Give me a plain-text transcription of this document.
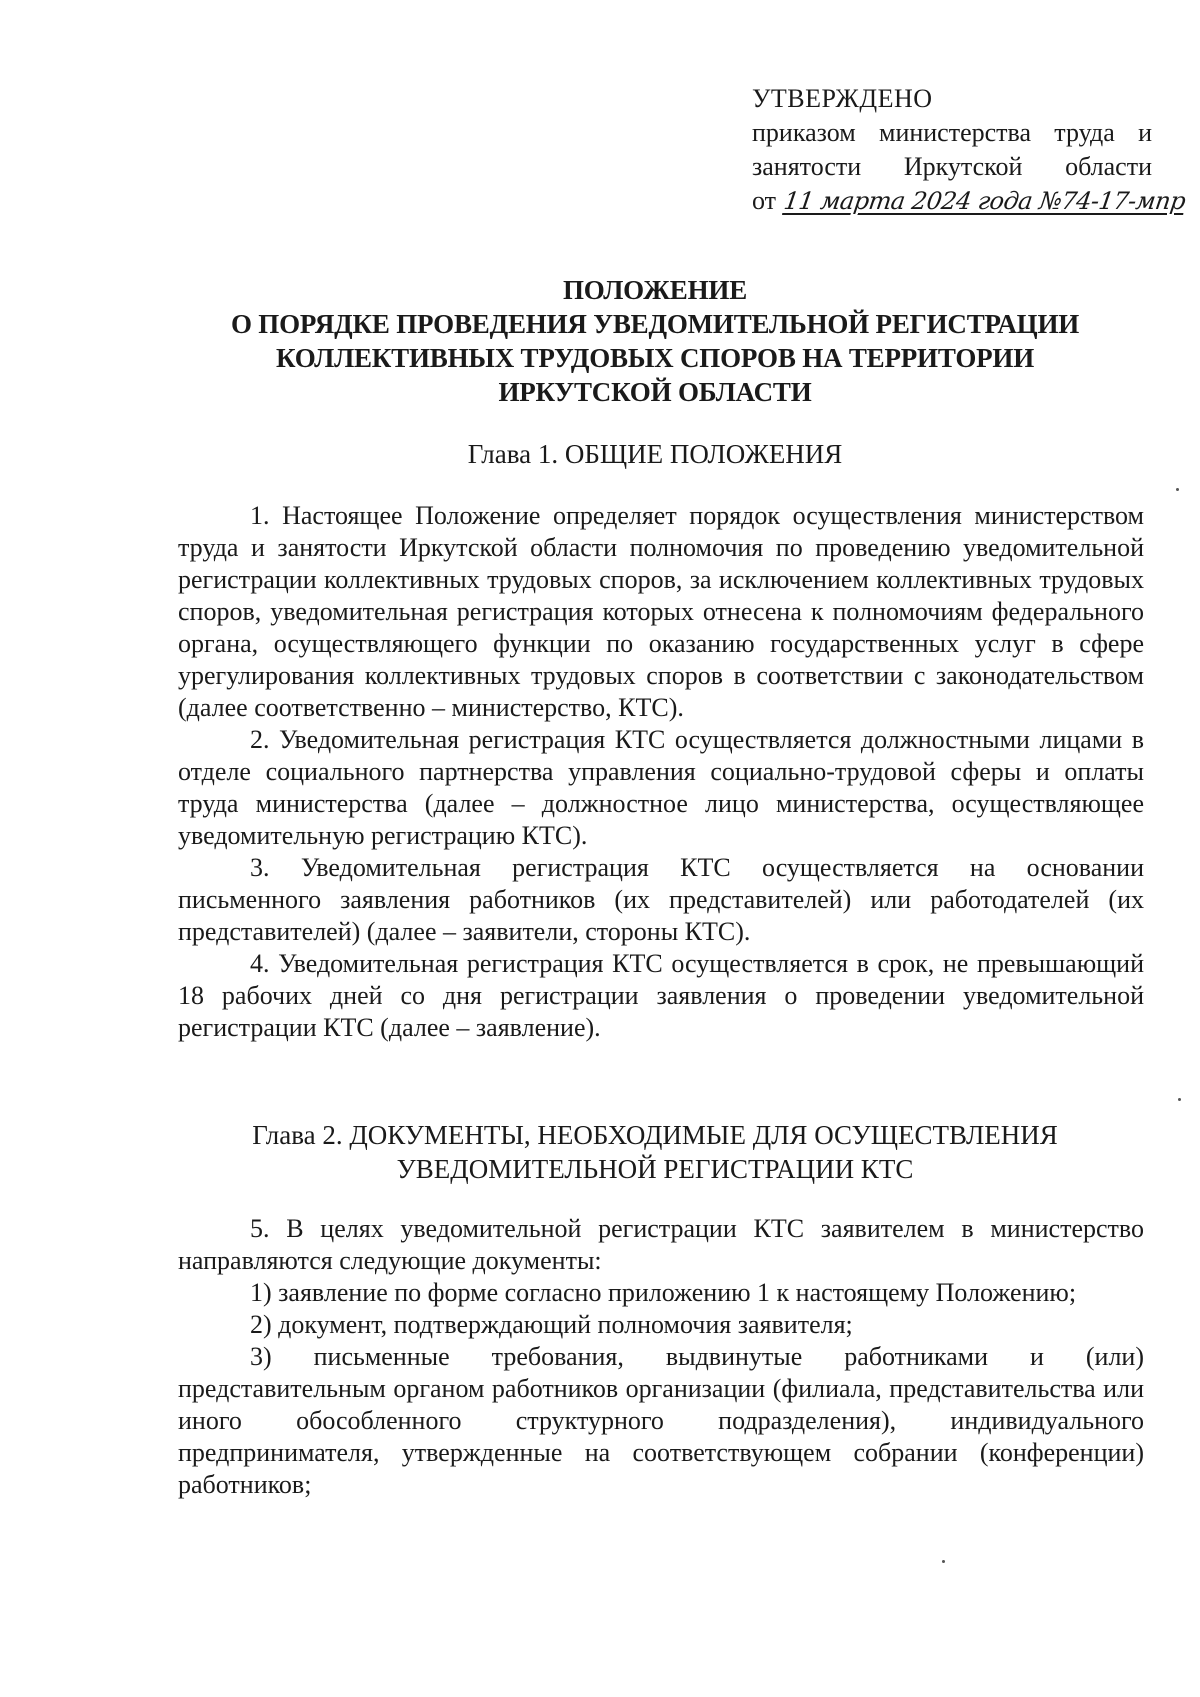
УТВЕРЖДЕНО
приказом министерства труда и
занятости Иркутской области
от 11 марта 2024 года №74-17-мпр
ПОЛОЖЕНИЕ
О ПОРЯДКЕ ПРОВЕДЕНИЯ УВЕДОМИТЕЛЬНОЙ РЕГИСТРАЦИИ
КОЛЛЕКТИВНЫХ ТРУДОВЫХ СПОРОВ НА ТЕРРИТОРИИ
ИРКУТСКОЙ ОБЛАСТИ
Глава 1. ОБЩИЕ ПОЛОЖЕНИЯ

1. Настоящее Положение определяет порядок осуществления министерством труда и занятости Иркутской области полномочия по проведению уведомительной регистрации коллективных трудовых споров, за исключением коллективных трудовых споров, уведомительная регистрация которых отнесена к полномочиям федерального органа, осуществляющего функции по оказанию государственных услуг в сфере урегулирования коллективных трудовых споров в соответствии с законодательством (далее соответственно – министерство, КТС).

2. Уведомительная регистрация КТС осуществляется должностными лицами в отделе социального партнерства управления социально-трудовой сферы и оплаты труда министерства (далее – должностное лицо министерства, осуществляющее уведомительную регистрацию КТС).

3. Уведомительная регистрация КТС осуществляется на основании письменного заявления работников (их представителей) или работодателей (их представителей) (далее – заявители, стороны КТС).

4. Уведомительная регистрация КТС осуществляется в срок, не превышающий 18 рабочих дней со дня регистрации заявления о проведении уведомительной регистрации КТС (далее – заявление).

Глава 2. ДОКУМЕНТЫ, НЕОБХОДИМЫЕ ДЛЯ ОСУЩЕСТВЛЕНИЯ
УВЕДОМИТЕЛЬНОЙ РЕГИСТРАЦИИ КТС

5. В целях уведомительной регистрации КТС заявителем в министерство направляются следующие документы:

1) заявление по форме согласно приложению 1 к настоящему Положению;

2) документ, подтверждающий полномочия заявителя;

3) письменные требования, выдвинутые работниками и (или) представительным органом работников организации (филиала, представительства или иного обособленного структурного подразделения), индивидуального предпринимателя, утвержденные на соответствующем собрании (конференции) работников;
